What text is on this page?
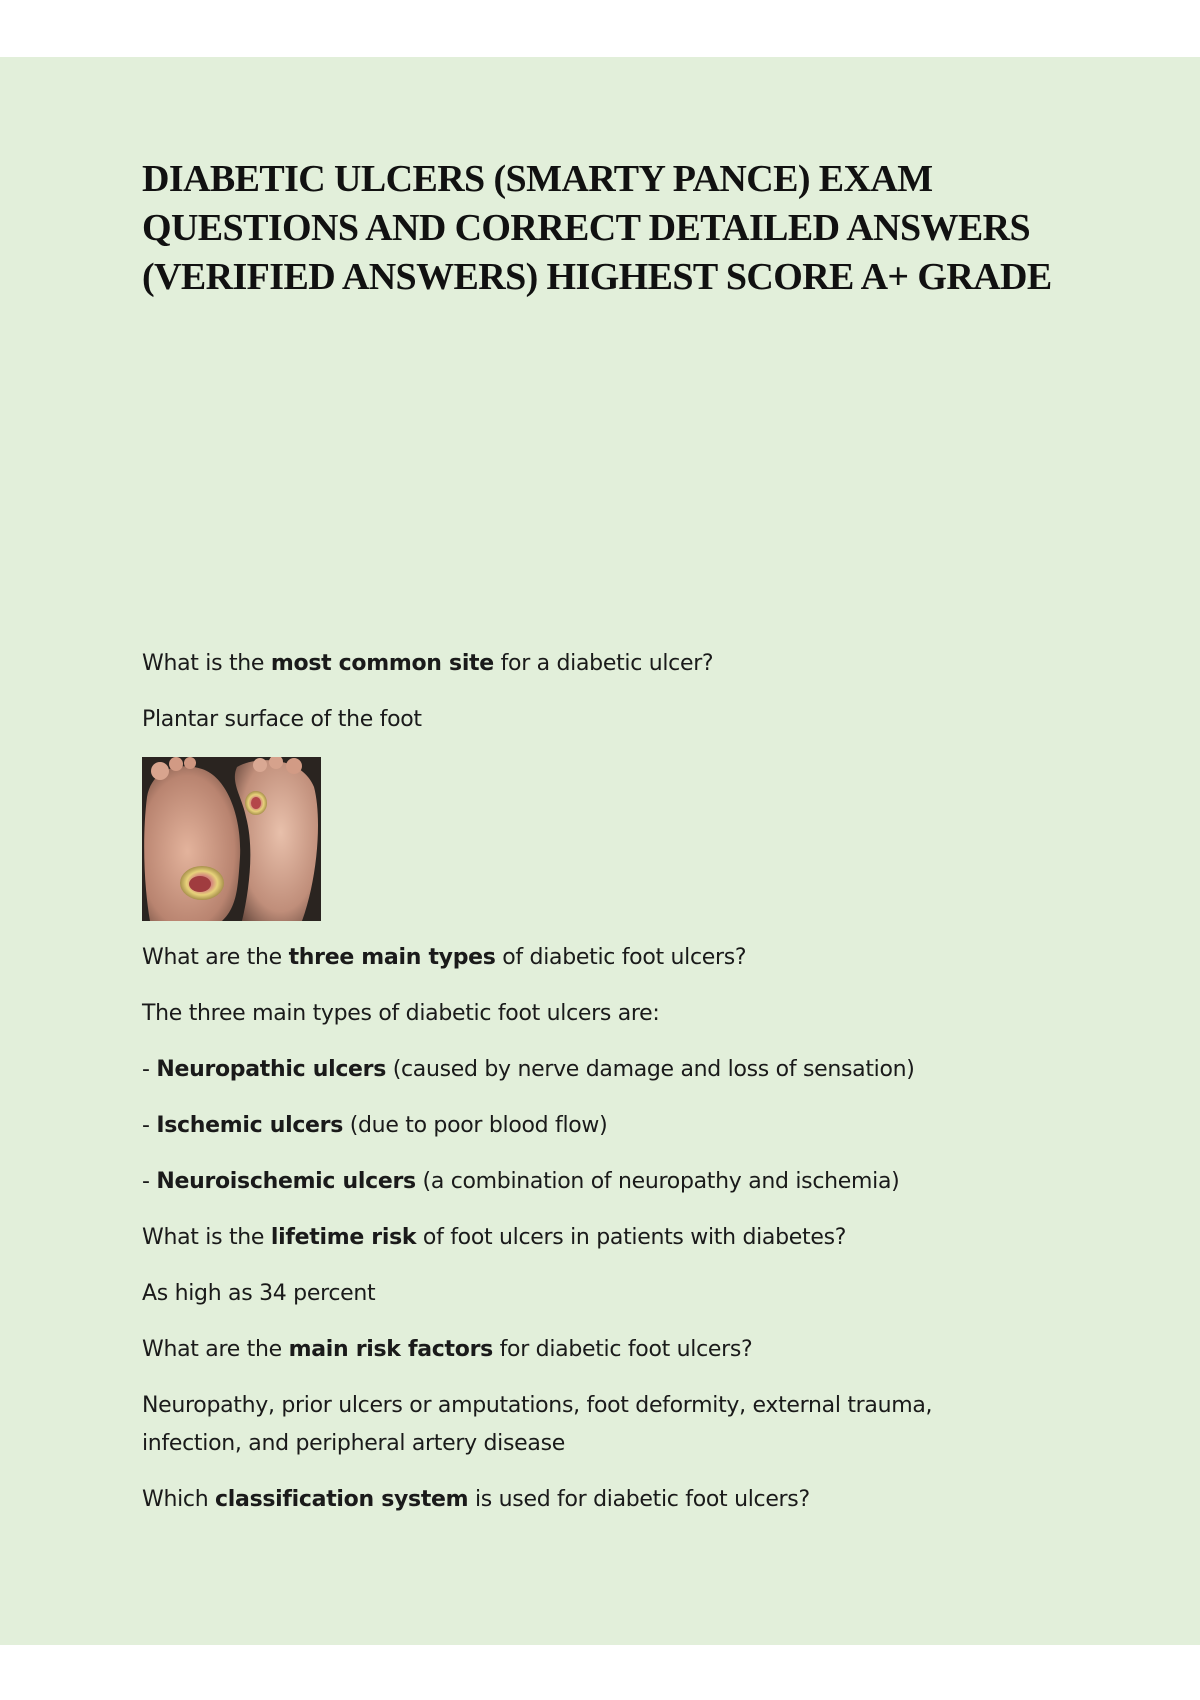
DIABETIC ULCERS (SMARTY PANCE) EXAM QUESTIONS AND CORRECT DETAILED ANSWERS (VERIFIED ANSWERS) HIGHEST SCORE A+ GRADE

What is the most common site for a diabetic ulcer?

Plantar surface of the foot

What are the three main types of diabetic foot ulcers?

The three main types of diabetic foot ulcers are:

- Neuropathic ulcers (caused by nerve damage and loss of sensation)

- Ischemic ulcers (due to poor blood flow)

- Neuroischemic ulcers (a combination of neuropathy and ischemia)

What is the lifetime risk of foot ulcers in patients with diabetes?

As high as 34 percent

What are the main risk factors for diabetic foot ulcers?

Neuropathy, prior ulcers or amputations, foot deformity, external trauma,
infection, and peripheral artery disease

Which classification system is used for diabetic foot ulcers?
